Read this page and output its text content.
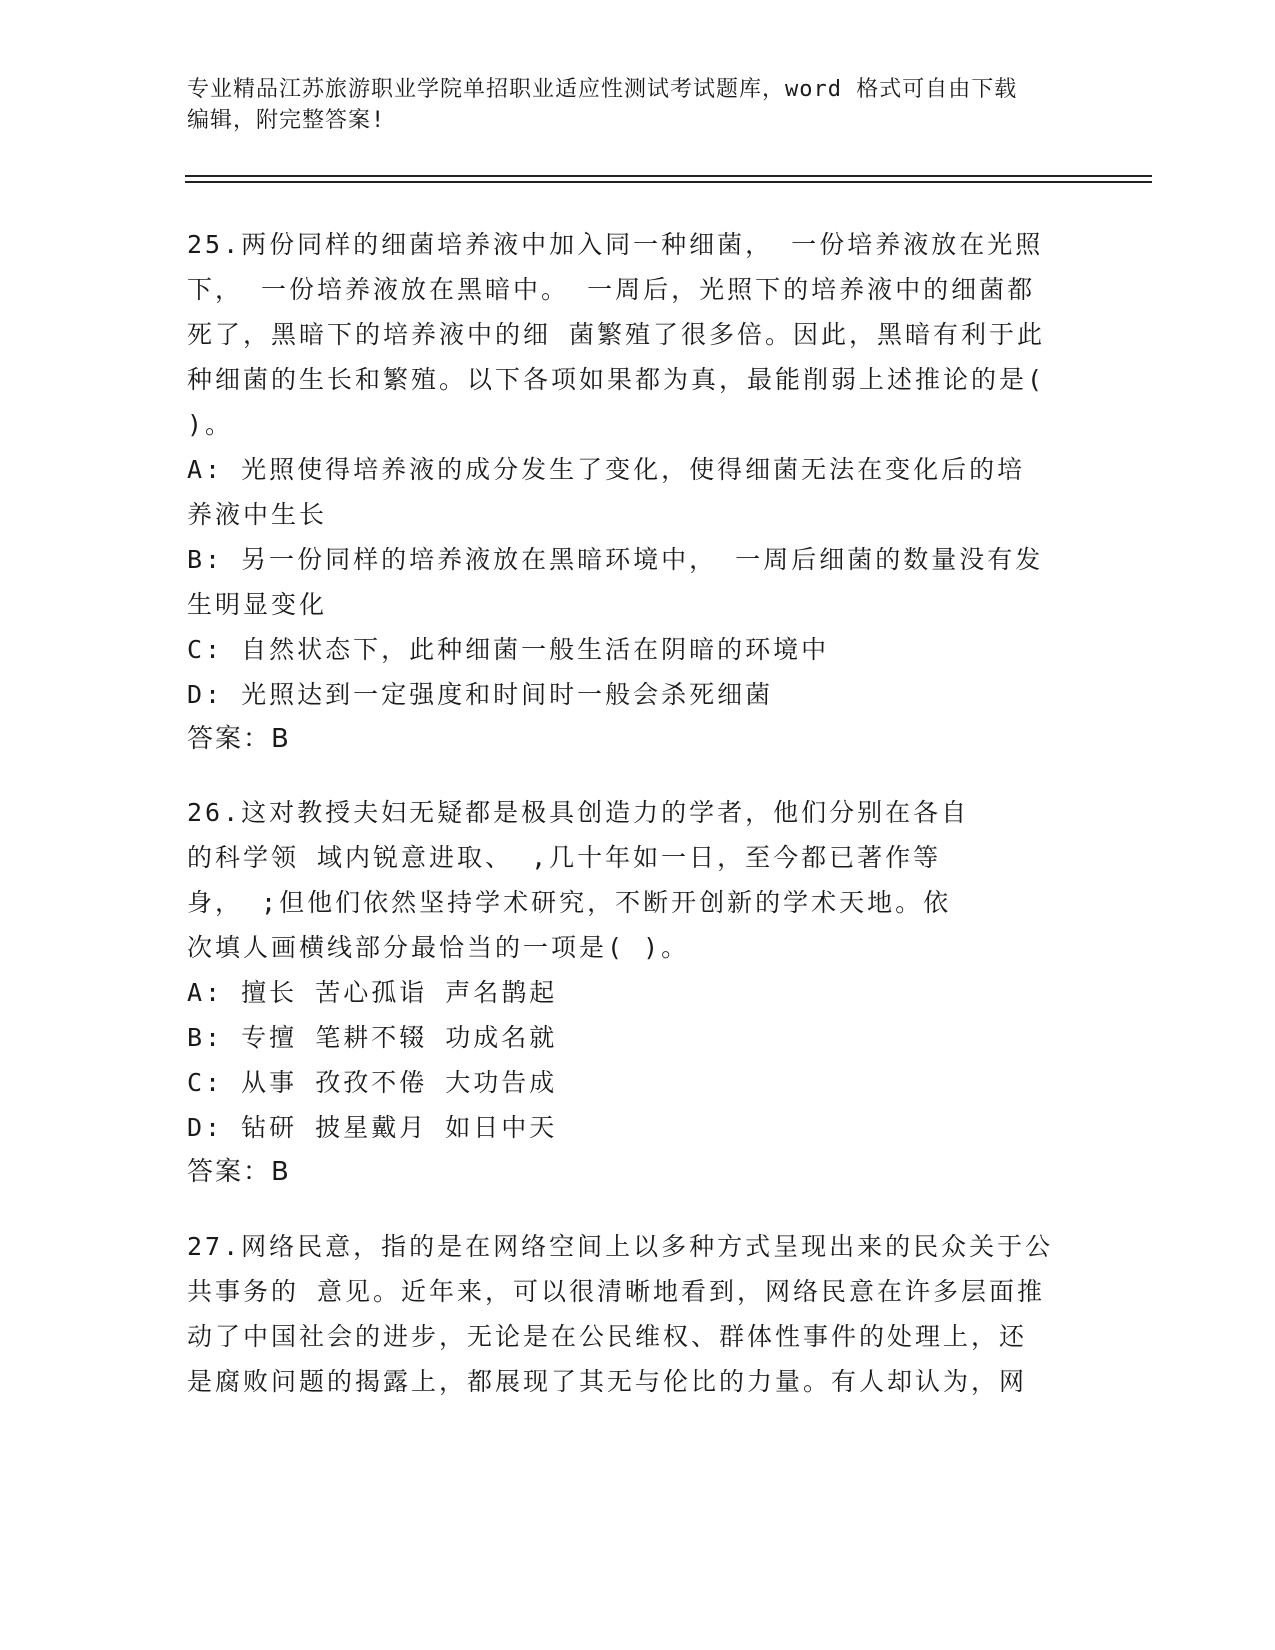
专业精品江苏旅游职业学院单招职业适应性测试考试题库，word 格式可自由下载
编辑，附完整答案!
25.两份同样的细菌培养液中加入同一种细菌， 一份培养液放在光照
下， 一份培养液放在黑暗中。 一周后，光照下的培养液中的细菌都
死了，黑暗下的培养液中的细 菌繁殖了很多倍。因此，黑暗有利于此
种细菌的生长和繁殖。以下各项如果都为真，最能削弱上述推论的是(
)。
A: 光照使得培养液的成分发生了变化，使得细菌无法在变化后的培
养液中生长
B: 另一份同样的培养液放在黑暗环境中， 一周后细菌的数量没有发
生明显变化
C: 自然状态下，此种细菌一般生活在阴暗的环境中
D: 光照达到一定强度和时间时一般会杀死细菌
答案：B
26.这对教授夫妇无疑都是极具创造力的学者，他们分别在各自
的科学领 域内锐意进取、 ,几十年如一日，至今都已著作等
身， ;但他们依然坚持学术研究，不断开创新的学术天地。依
次填人画横线部分最恰当的一项是( )。
A: 擅长 苦心孤诣 声名鹊起
B: 专擅 笔耕不辍 功成名就
C: 从事 孜孜不倦 大功告成
D: 钻研 披星戴月 如日中天
答案：B
27.网络民意，指的是在网络空间上以多种方式呈现出来的民众关于公
共事务的 意见。近年来，可以很清晰地看到，网络民意在许多层面推
动了中国社会的进步，无论是在公民维权、群体性事件的处理上，还
是腐败问题的揭露上，都展现了其无与伦比的力量。有人却认为，网
